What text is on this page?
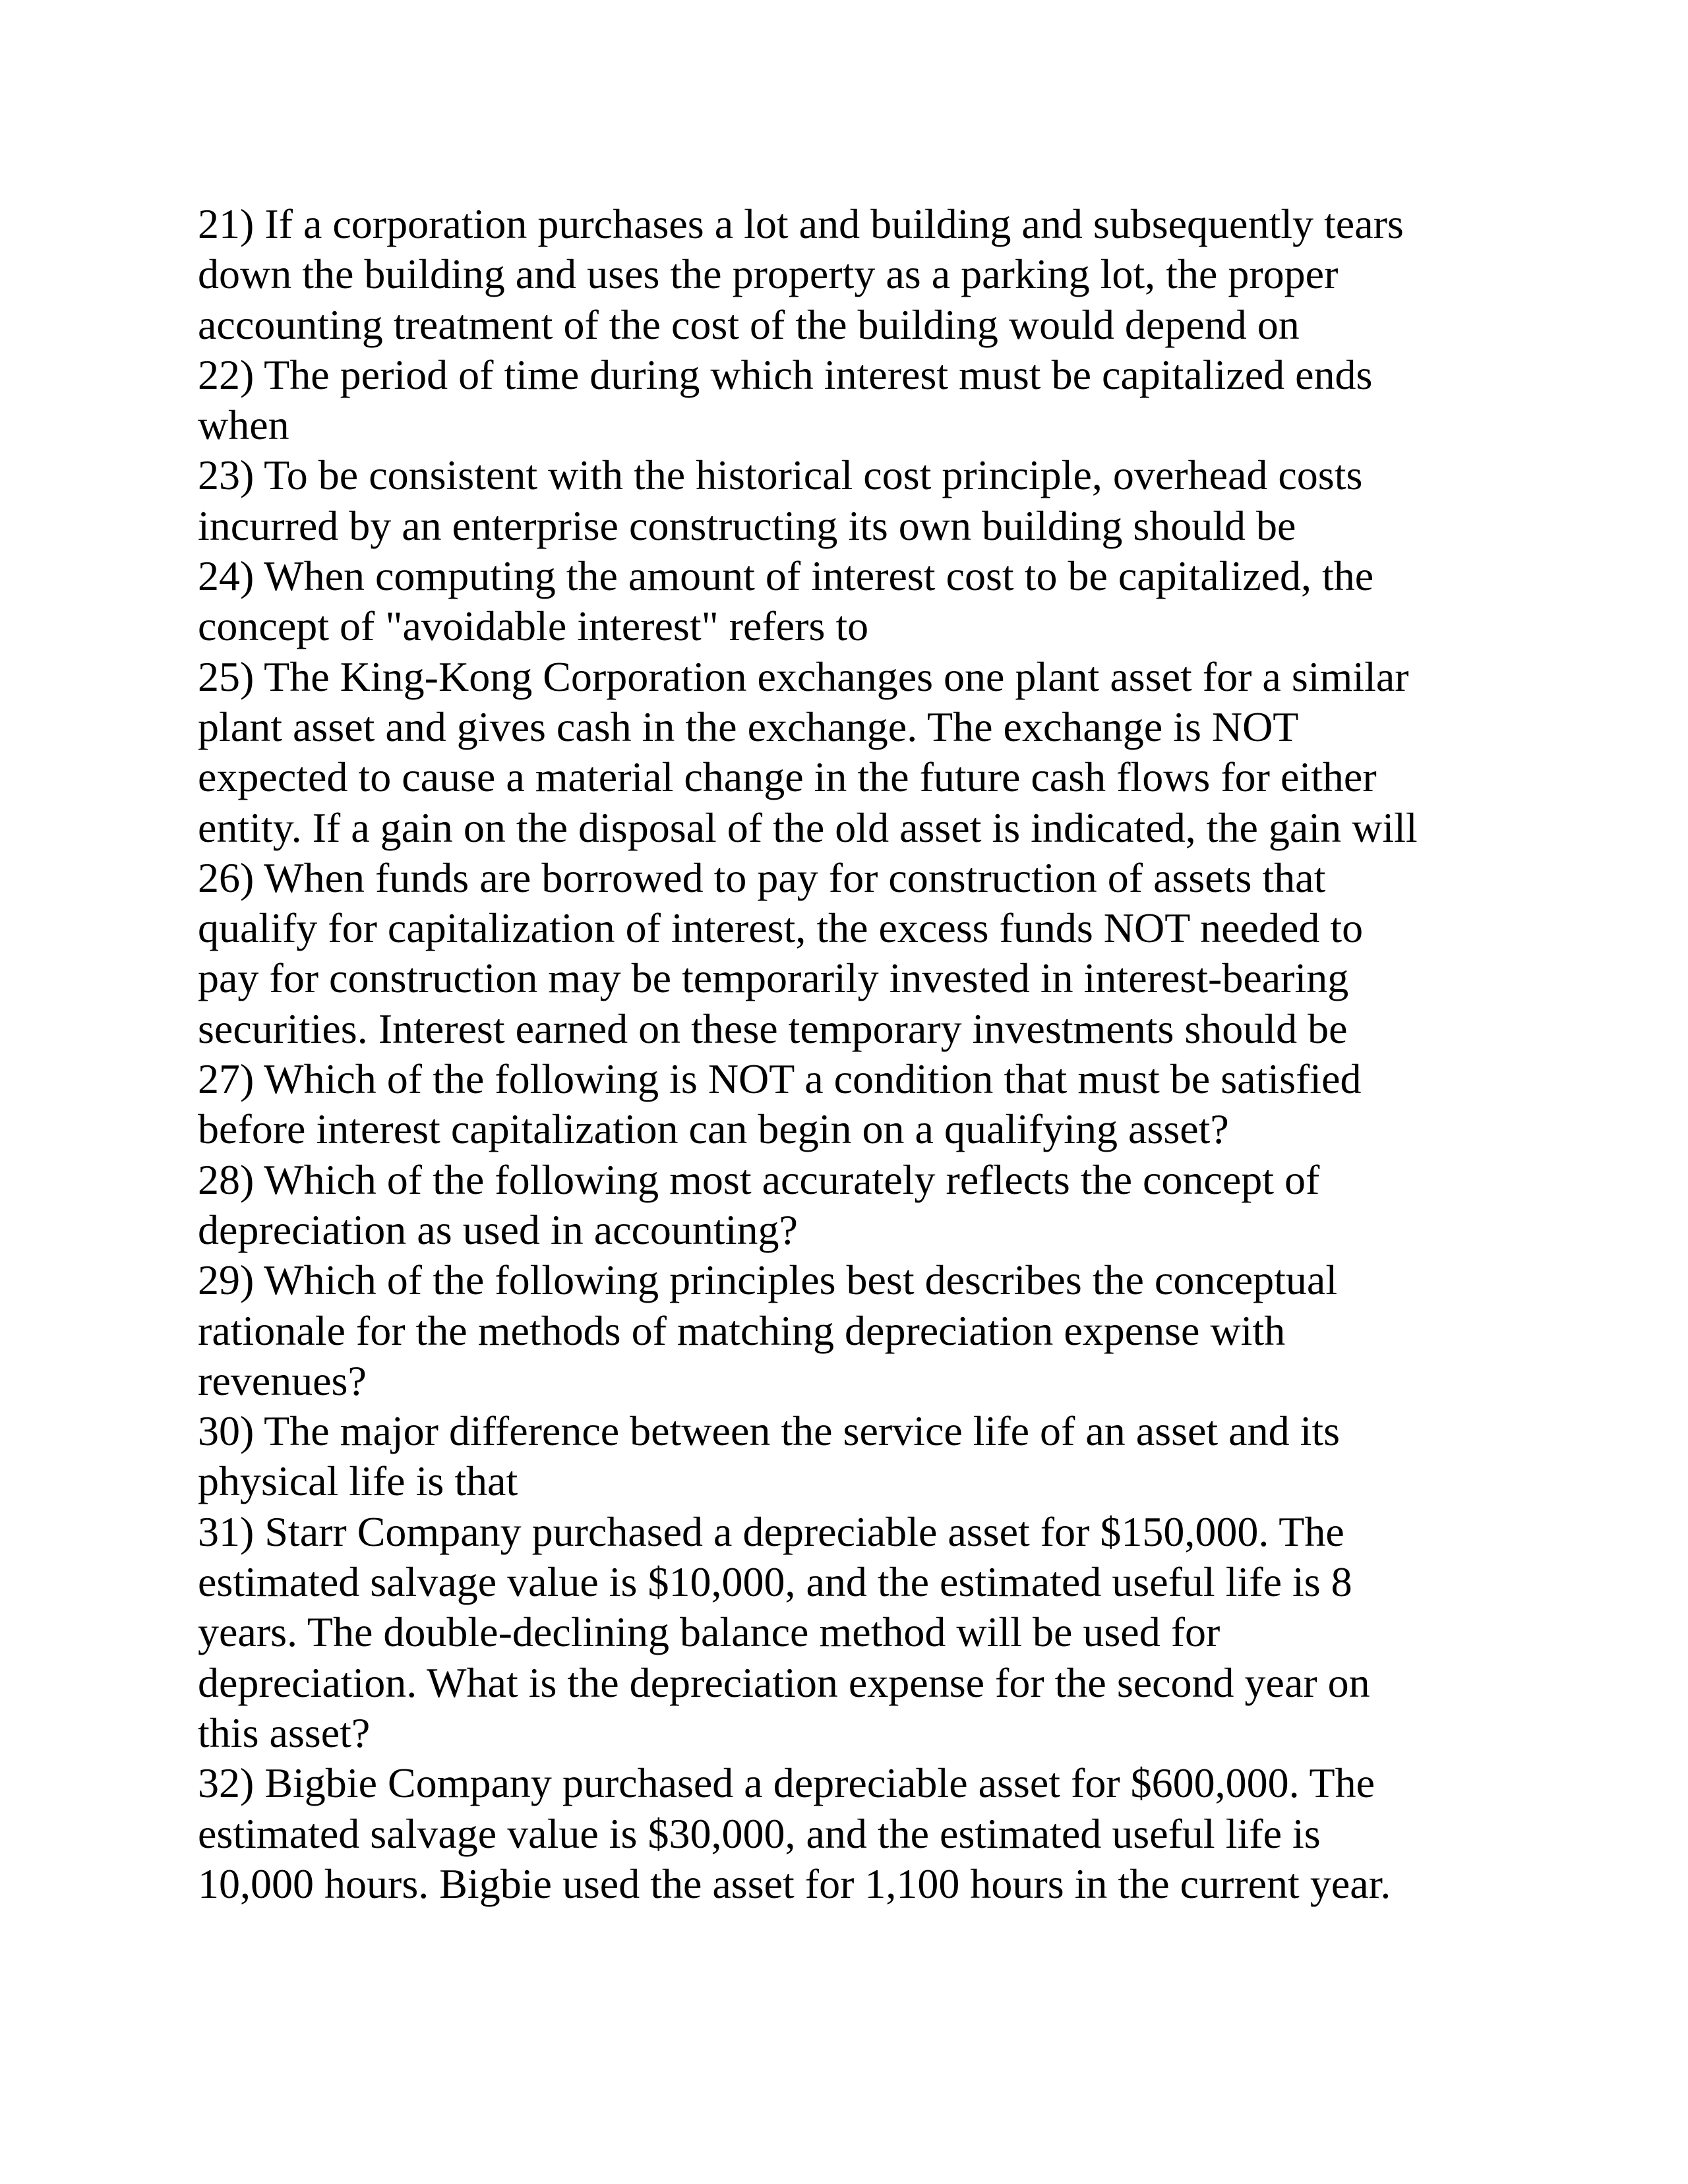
21) If a corporation purchases a lot and building and subsequently tears
down the building and uses the property as a parking lot, the proper
accounting treatment of the cost of the building would depend on
22) The period of time during which interest must be capitalized ends
when
23) To be consistent with the historical cost principle, overhead costs
incurred by an enterprise constructing its own building should be
24) When computing the amount of interest cost to be capitalized, the
concept of "avoidable interest" refers to
25) The King-Kong Corporation exchanges one plant asset for a similar
plant asset and gives cash in the exchange. The exchange is NOT
expected to cause a material change in the future cash flows for either
entity. If a gain on the disposal of the old asset is indicated, the gain will
26) When funds are borrowed to pay for construction of assets that
qualify for capitalization of interest, the excess funds NOT needed to
pay for construction may be temporarily invested in interest-bearing
securities. Interest earned on these temporary investments should be
27) Which of the following is NOT a condition that must be satisfied
before interest capitalization can begin on a qualifying asset?
28) Which of the following most accurately reflects the concept of
depreciation as used in accounting?
29) Which of the following principles best describes the conceptual
rationale for the methods of matching depreciation expense with
revenues?
30) The major difference between the service life of an asset and its
physical life is that
31) Starr Company purchased a depreciable asset for $150,000. The
estimated salvage value is $10,000, and the estimated useful life is 8
years. The double-declining balance method will be used for
depreciation. What is the depreciation expense for the second year on
this asset?
32) Bigbie Company purchased a depreciable asset for $600,000. The
estimated salvage value is $30,000, and the estimated useful life is
10,000 hours. Bigbie used the asset for 1,100 hours in the current year.
